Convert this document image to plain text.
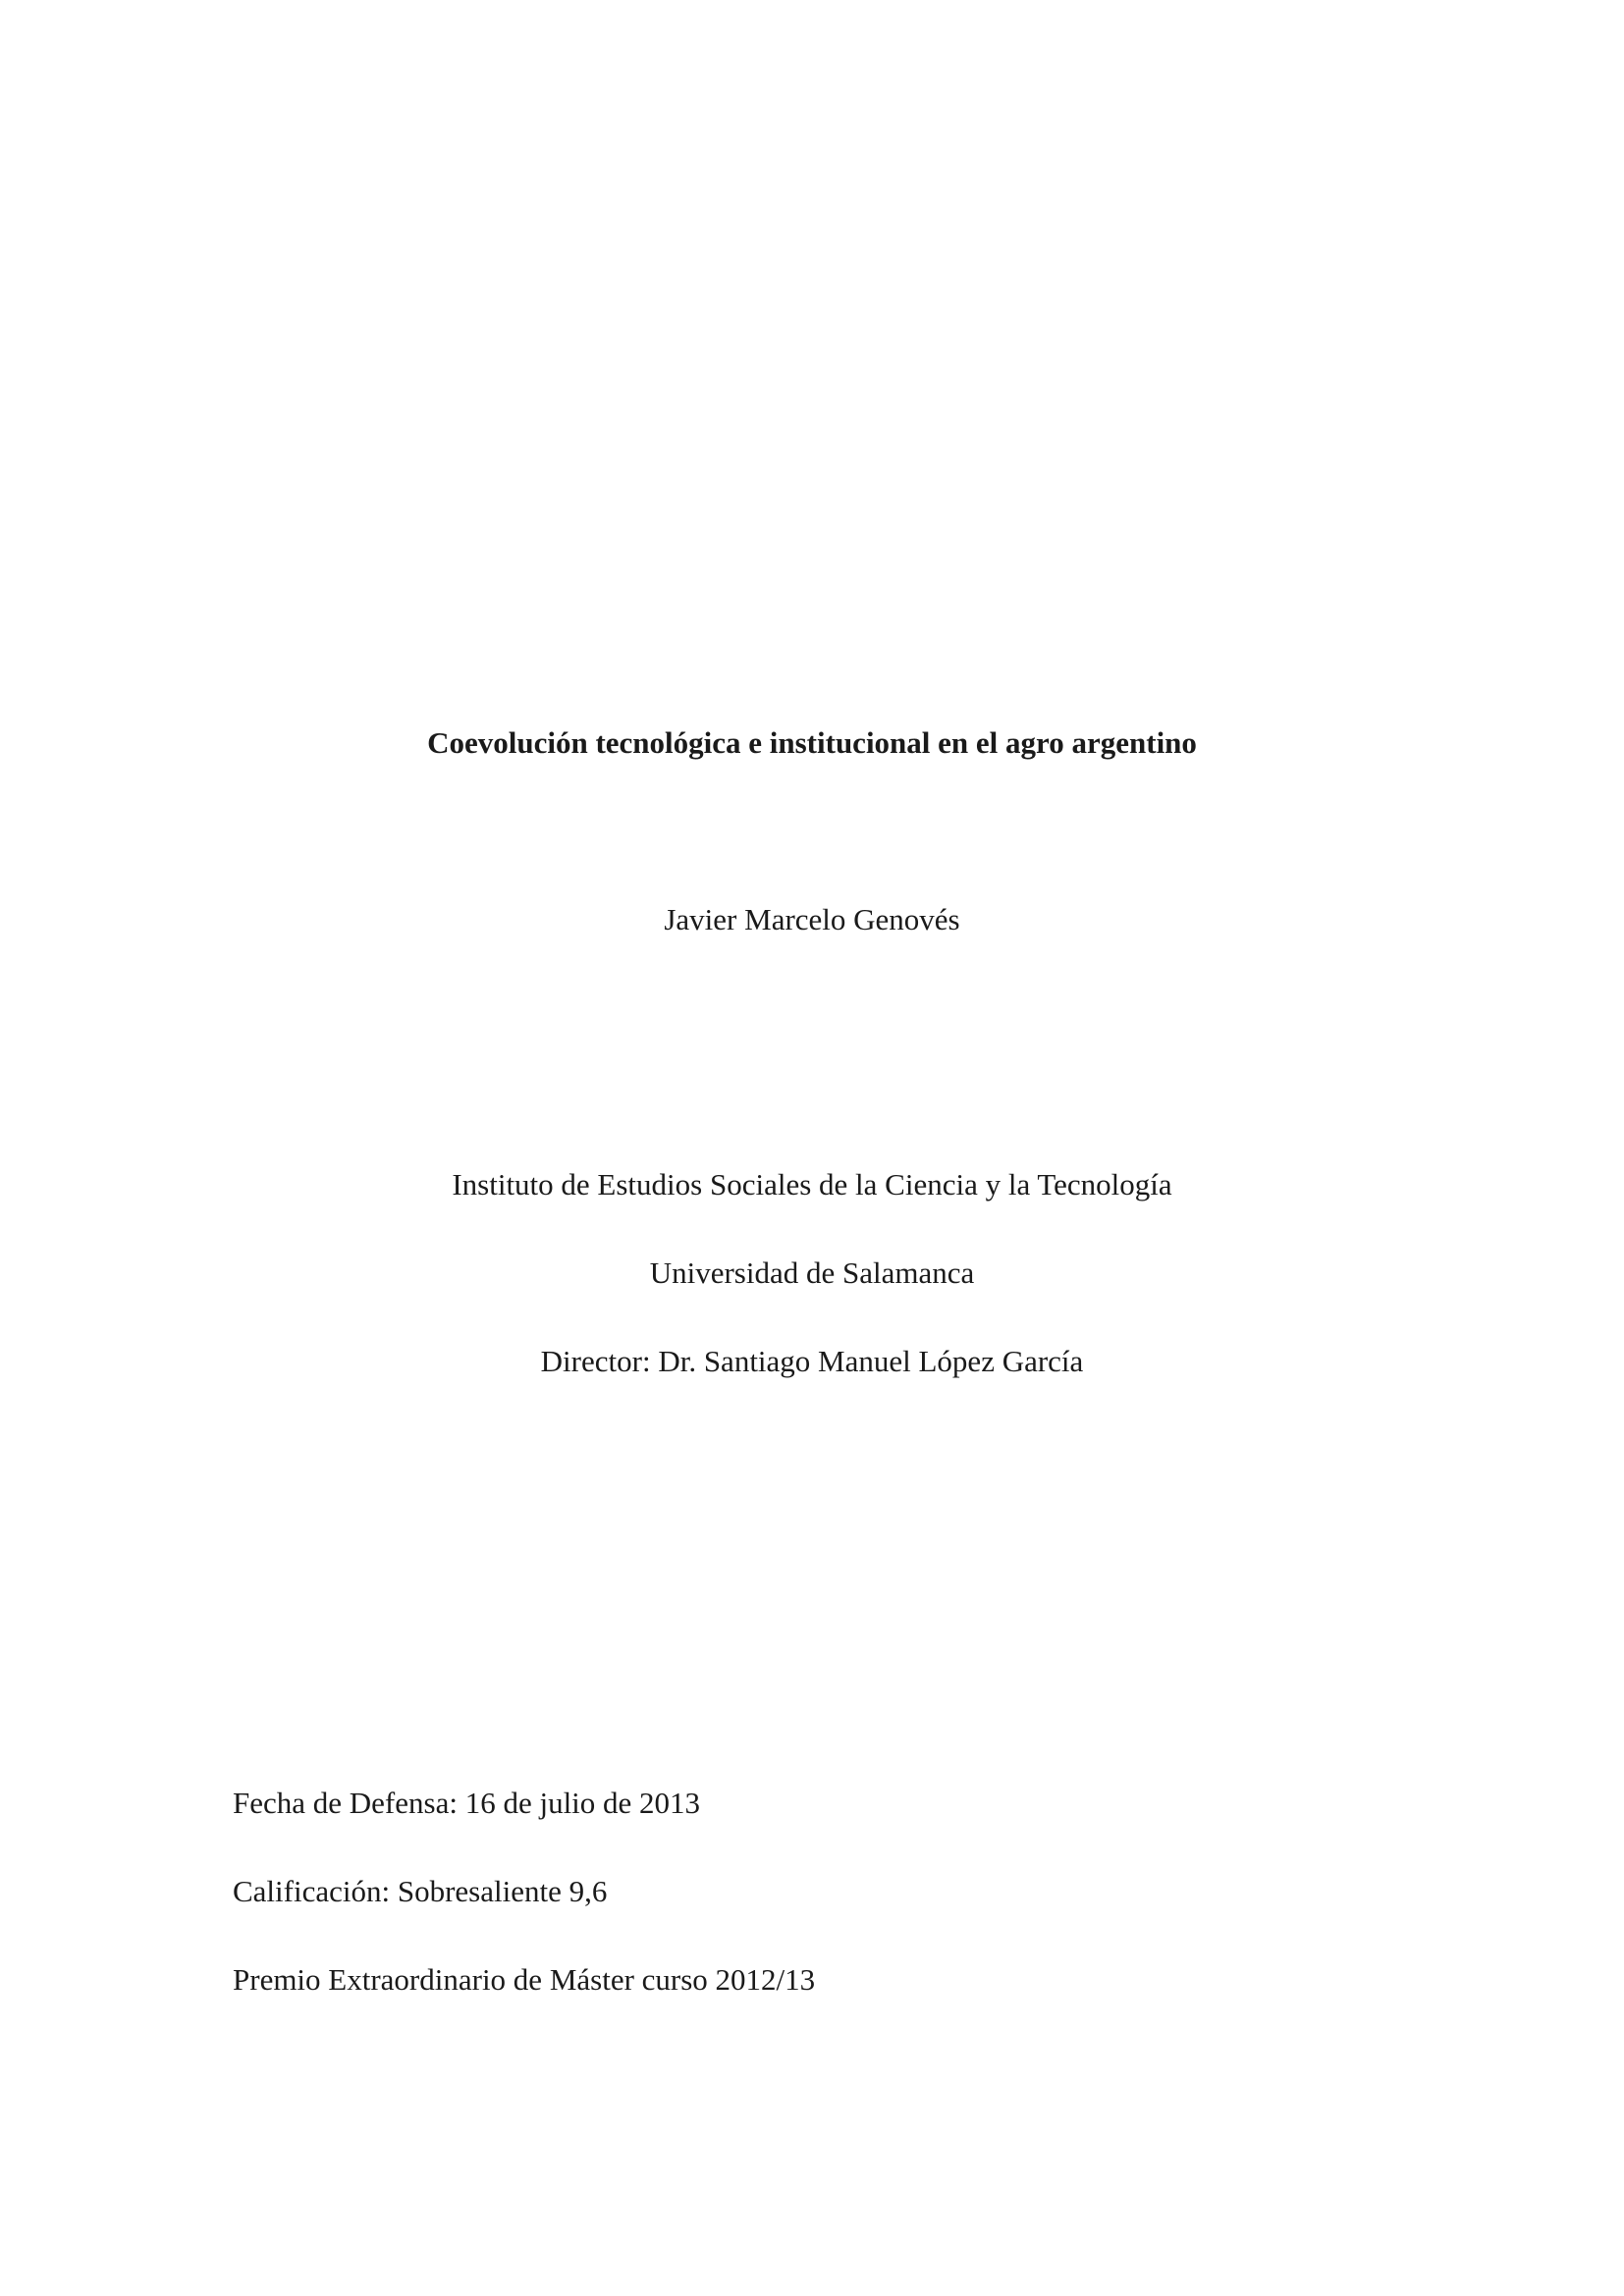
Coevolución tecnológica e institucional en el agro argentino
Javier Marcelo Genovés
Instituto de Estudios Sociales de la Ciencia y la Tecnología
Universidad de Salamanca
Director: Dr. Santiago Manuel López García
Fecha de Defensa: 16 de julio de 2013
Calificación: Sobresaliente 9,6
Premio Extraordinario de Máster curso 2012/13
